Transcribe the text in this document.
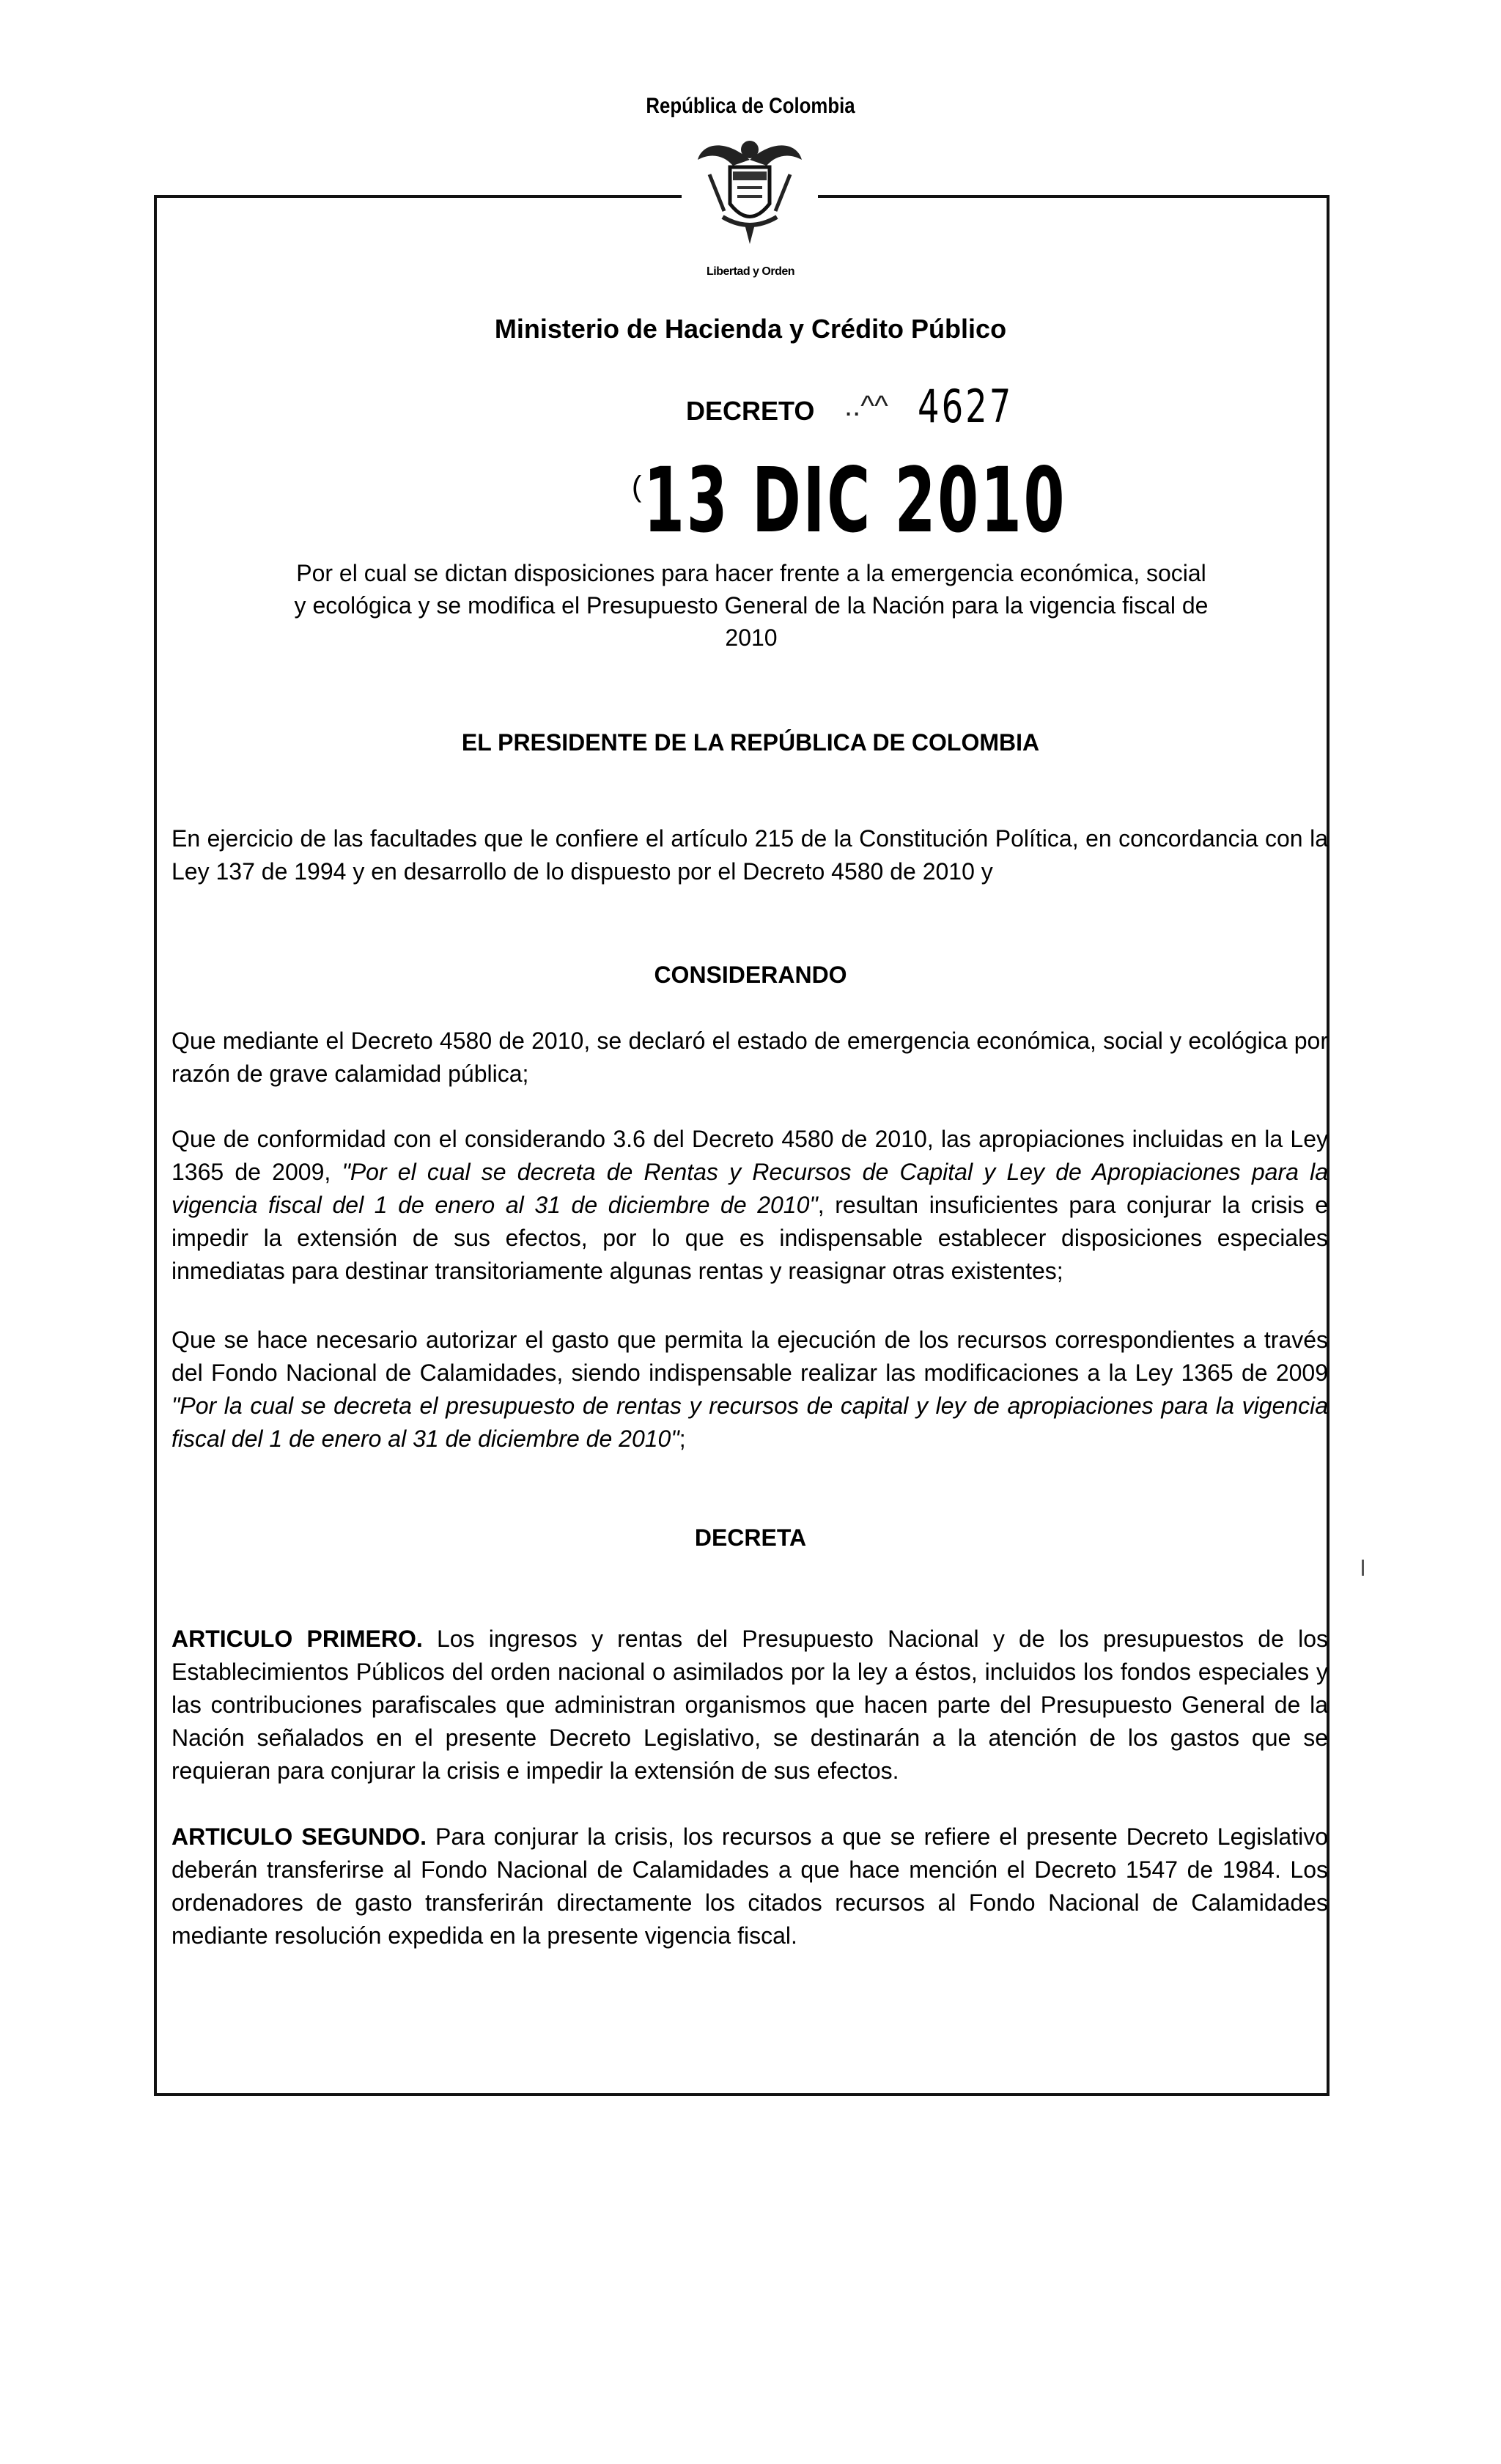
República de Colombia
Libertad y Orden
Ministerio de Hacienda y Crédito Público
DECRETO ..^^ 4627
( 13 DIC 2010
Por el cual se dictan disposiciones para hacer frente a la emergencia económica, social y ecológica y se modifica el Presupuesto General de la Nación para la vigencia fiscal de 2010
EL PRESIDENTE DE LA REPÚBLICA DE COLOMBIA
En ejercicio de las facultades que le confiere el artículo 215 de la Constitución Política, en concordancia con la Ley 137 de 1994 y en desarrollo de lo dispuesto por el Decreto 4580 de 2010 y
CONSIDERANDO
Que mediante el Decreto 4580 de 2010, se declaró el estado de emergencia económica, social y ecológica por razón de grave calamidad pública;
Que de conformidad con el considerando 3.6 del Decreto 4580 de 2010, las apropiaciones incluidas en la Ley 1365 de 2009, "Por el cual se decreta de Rentas y Recursos de Capital y Ley de Apropiaciones para la vigencia fiscal del 1 de enero al 31 de diciembre de 2010", resultan insuficientes para conjurar la crisis e impedir la extensión de sus efectos, por lo que es indispensable establecer disposiciones especiales inmediatas para destinar transitoriamente algunas rentas y reasignar otras existentes;
Que se hace necesario autorizar el gasto que permita la ejecución de los recursos correspondientes a través del Fondo Nacional de Calamidades, siendo indispensable realizar las modificaciones a la Ley 1365 de 2009 "Por la cual se decreta el presupuesto de rentas y recursos de capital y ley de apropiaciones para la vigencia fiscal del 1 de enero al 31 de diciembre de 2010";
DECRETA
ARTICULO PRIMERO. Los ingresos y rentas del Presupuesto Nacional y de los presupuestos de los Establecimientos Públicos del orden nacional o asimilados por la ley a éstos, incluidos los fondos especiales y las contribuciones parafiscales que administran organismos que hacen parte del Presupuesto General de la Nación señalados en el presente Decreto Legislativo, se destinarán a la atención de los gastos que se requieran para conjurar la crisis e impedir la extensión de sus efectos.
ARTICULO SEGUNDO. Para conjurar la crisis, los recursos a que se refiere el presente Decreto Legislativo deberán transferirse al Fondo Nacional de Calamidades a que hace mención el Decreto 1547 de 1984. Los ordenadores de gasto transferirán directamente los citados recursos al Fondo Nacional de Calamidades mediante resolución expedida en la presente vigencia fiscal.
